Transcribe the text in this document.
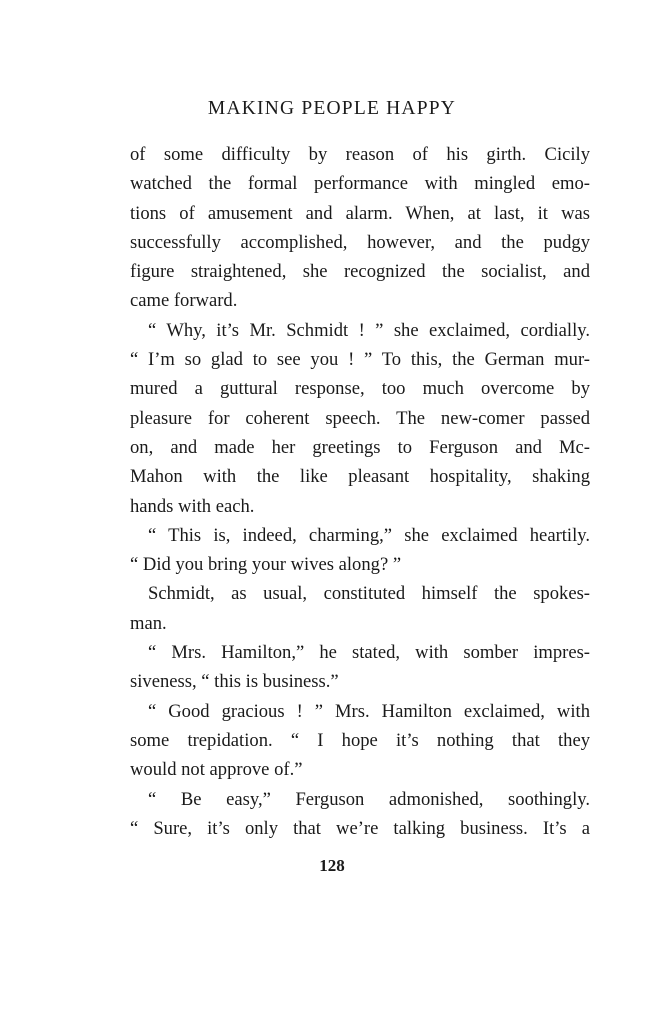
MAKING PEOPLE HAPPY
of some difficulty by reason of his girth. Cicily
watched the formal performance with mingled emo-
tions of amusement and alarm. When, at last, it was
successfully accomplished, however, and the pudgy
figure straightened, she recognized the socialist, and
came forward.
“ Why, it’s Mr. Schmidt ! ” she exclaimed, cordially.
“ I’m so glad to see you ! ” To this, the German mur-
mured a guttural response, too much overcome by
pleasure for coherent speech. The new-comer passed
on, and made her greetings to Ferguson and Mc-
Mahon with the like pleasant hospitality, shaking
hands with each.
“ This is, indeed, charming,” she exclaimed heartily.
“ Did you bring your wives along? ”
Schmidt, as usual, constituted himself the spokes-
man.
“ Mrs. Hamilton,” he stated, with somber impres-
siveness, “ this is business.”
“ Good gracious ! ” Mrs. Hamilton exclaimed, with
some trepidation. “ I hope it’s nothing that they
would not approve of.”
“ Be easy,” Ferguson admonished, soothingly.
“ Sure, it’s only that we’re talking business. It’s a
128
